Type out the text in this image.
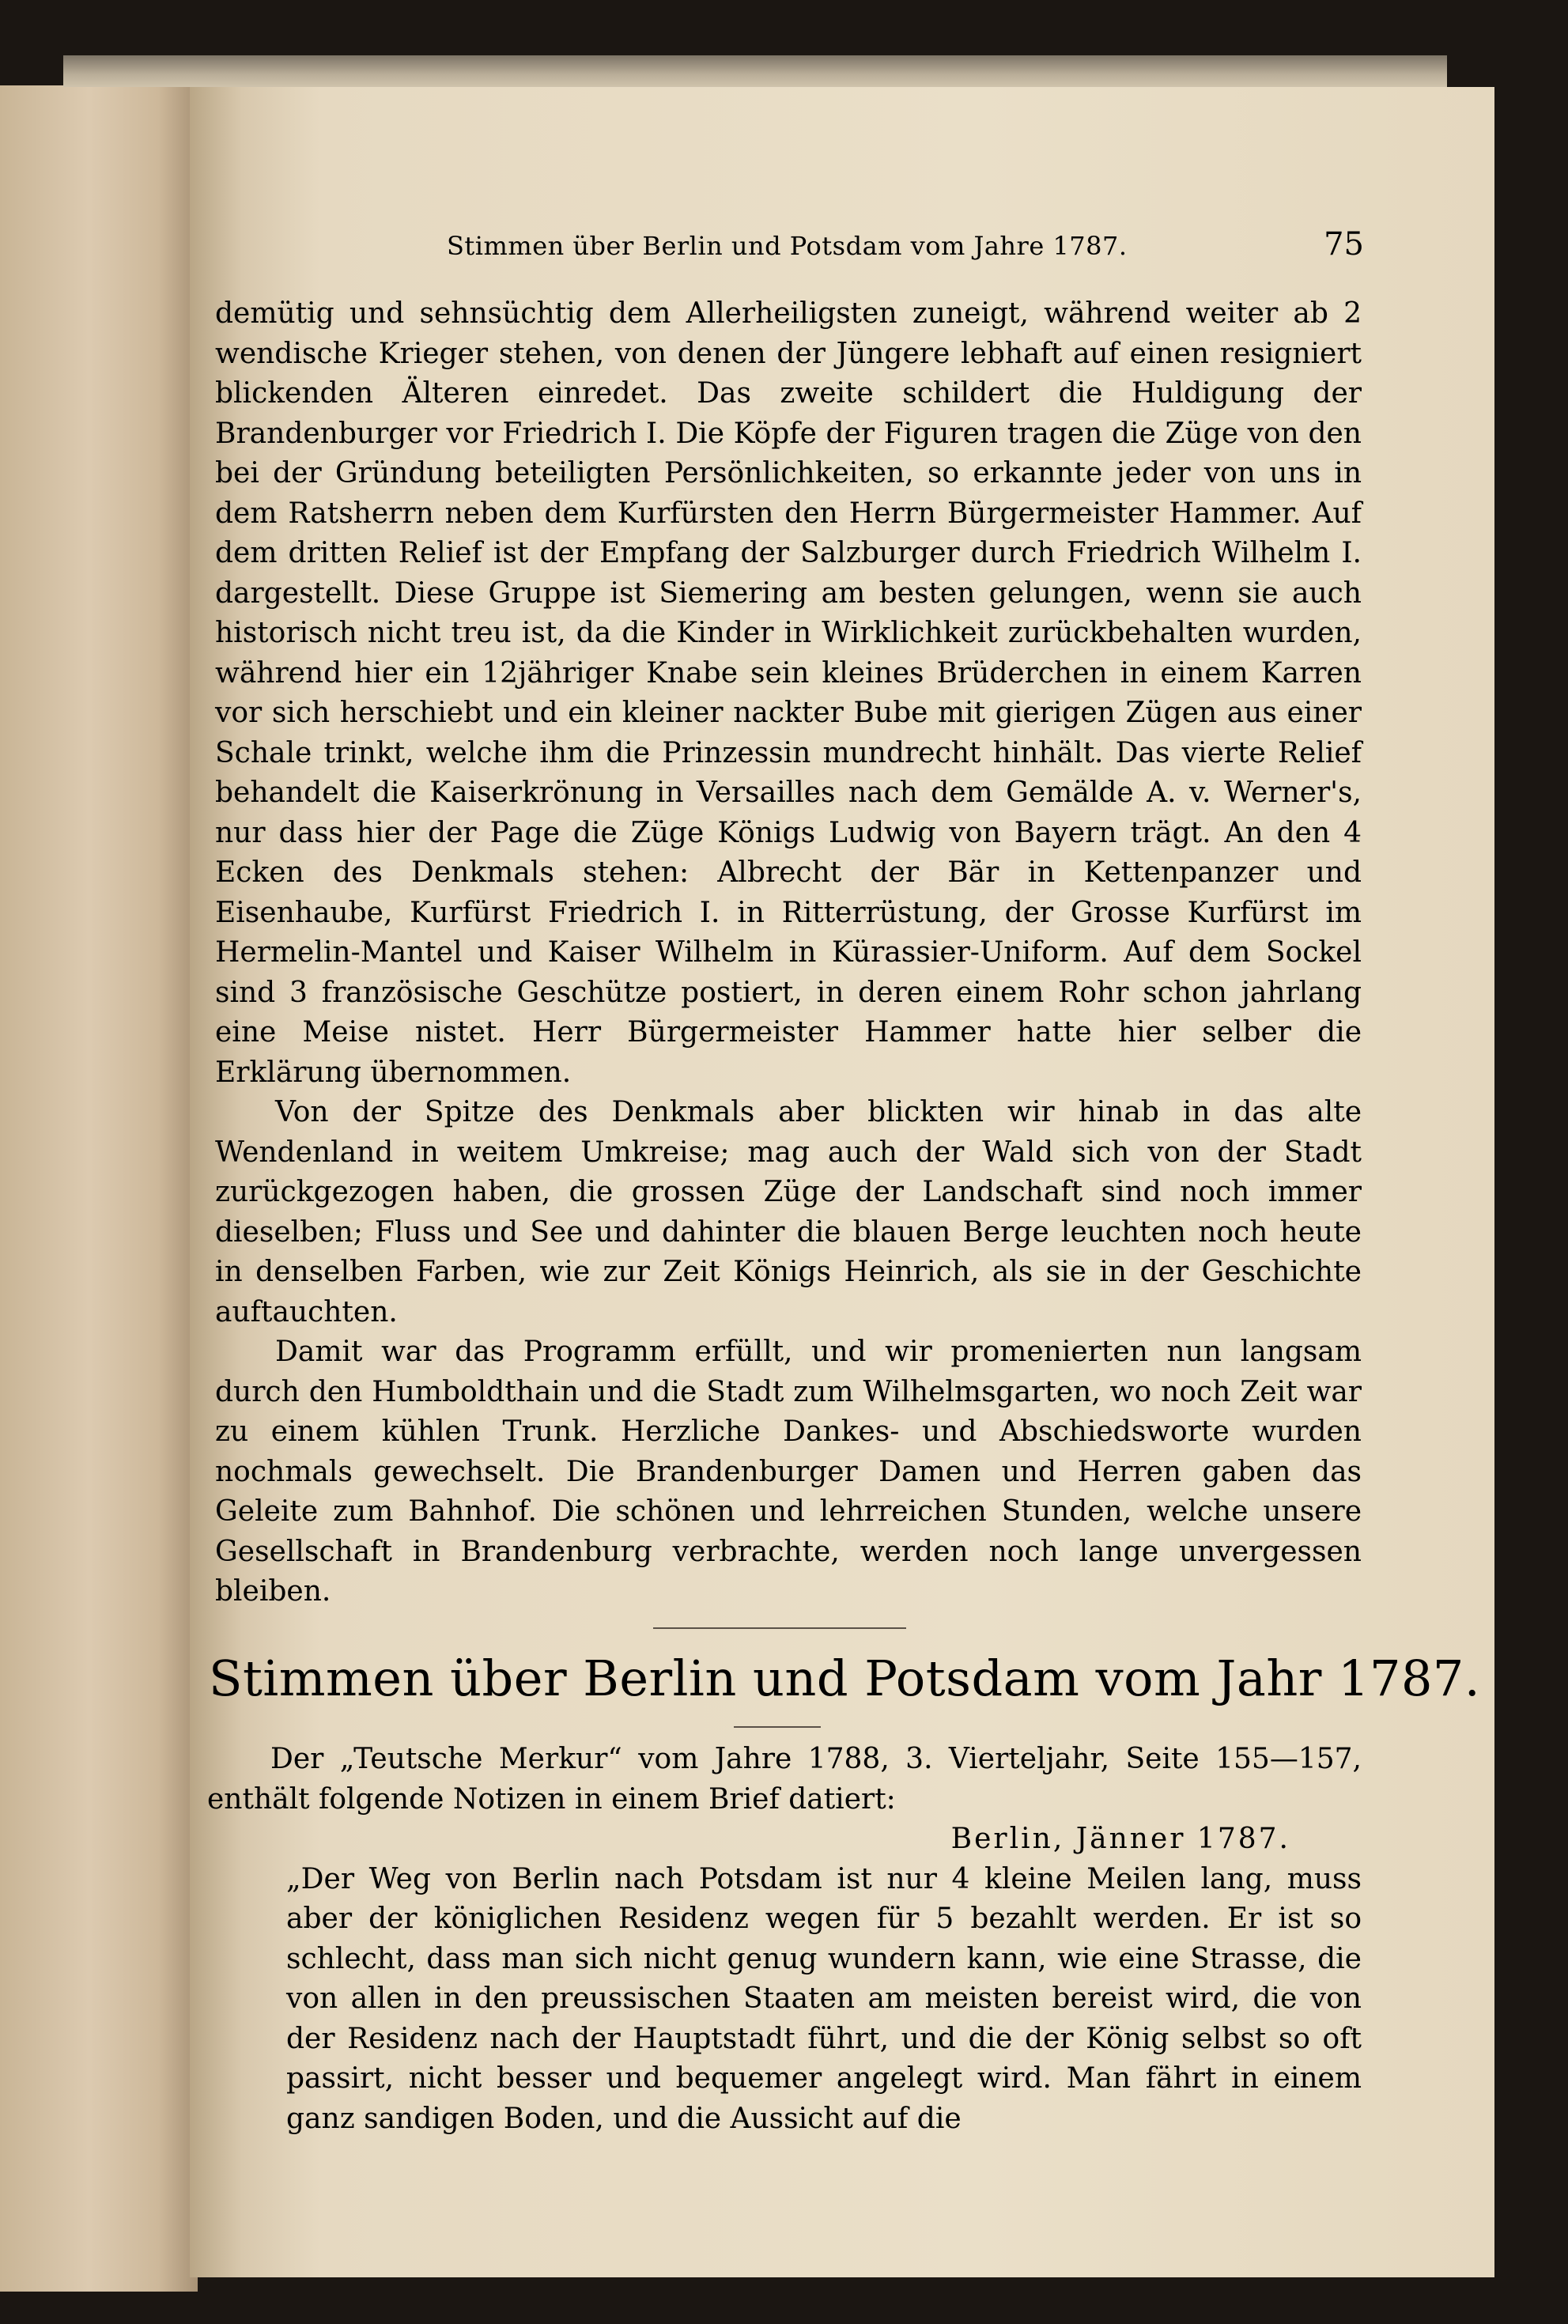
Stimmen über Berlin und Potsdam vom Jahre 1787.	75

demütig und sehnsüchtig dem Allerheiligsten zuneigt, während weiter ab 2 wendische Krieger stehen, von denen der Jüngere lebhaft auf einen resigniert blickenden Älteren einredet. Das zweite schildert die Huldigung der Brandenburger vor Friedrich I. Die Köpfe der Figuren tragen die Züge von den bei der Gründung beteiligten Persönlichkeiten, so erkannte jeder von uns in dem Ratsherrn neben dem Kurfürsten den Herrn Bürgermeister Hammer. Auf dem dritten Relief ist der Empfang der Salzburger durch Friedrich Wilhelm I. dargestellt. Diese Gruppe ist Siemering am besten gelungen, wenn sie auch historisch nicht treu ist, da die Kinder in Wirklichkeit zurückbehalten wurden, während hier ein 12jähriger Knabe sein kleines Brüderchen in einem Karren vor sich herschiebt und ein kleiner nackter Bube mit gierigen Zügen aus einer Schale trinkt, welche ihm die Prinzessin mundrecht hinhält. Das vierte Relief behandelt die Kaiserkrönung in Versailles nach dem Gemälde A. v. Werner's, nur dass hier der Page die Züge Königs Ludwig von Bayern trägt. An den 4 Ecken des Denkmals stehen: Albrecht der Bär in Kettenpanzer und Eisenhaube, Kurfürst Friedrich I. in Ritterrüstung, der Grosse Kurfürst im Hermelin-Mantel und Kaiser Wilhelm in Kürassier-Uniform. Auf dem Sockel sind 3 französische Geschütze postiert, in deren einem Rohr schon jahrlang eine Meise nistet. Herr Bürgermeister Hammer hatte hier selber die Erklärung übernommen.

Von der Spitze des Denkmals aber blickten wir hinab in das alte Wendenland in weitem Umkreise; mag auch der Wald sich von der Stadt zurückgezogen haben, die grossen Züge der Landschaft sind noch immer dieselben; Fluss und See und dahinter die blauen Berge leuchten noch heute in denselben Farben, wie zur Zeit Königs Heinrich, als sie in der Geschichte auftauchten.

Damit war das Programm erfüllt, und wir promenierten nun langsam durch den Humboldthain und die Stadt zum Wilhelmsgarten, wo noch Zeit war zu einem kühlen Trunk. Herzliche Dankes- und Abschiedsworte wurden nochmals gewechselt. Die Brandenburger Damen und Herren gaben das Geleite zum Bahnhof. Die schönen und lehrreichen Stunden, welche unsere Gesellschaft in Brandenburg verbrachte, werden noch lange unvergessen bleiben.

Stimmen über Berlin und Potsdam vom Jahr 1787.

Der „Teutsche Merkur“ vom Jahre 1788, 3. Vierteljahr, Seite 155—157, enthält folgende Notizen in einem Brief datiert:

Berlin, Jänner 1787.

„Der Weg von Berlin nach Potsdam ist nur 4 kleine Meilen lang, muss aber der königlichen Residenz wegen für 5 bezahlt werden. Er ist so schlecht, dass man sich nicht genug wundern kann, wie eine Strasse, die von allen in den preussischen Staaten am meisten bereist wird, die von der Residenz nach der Hauptstadt führt, und die der König selbst so oft passirt, nicht besser und bequemer angelegt wird. Man fährt in einem ganz sandigen Boden, und die Aussicht auf die
